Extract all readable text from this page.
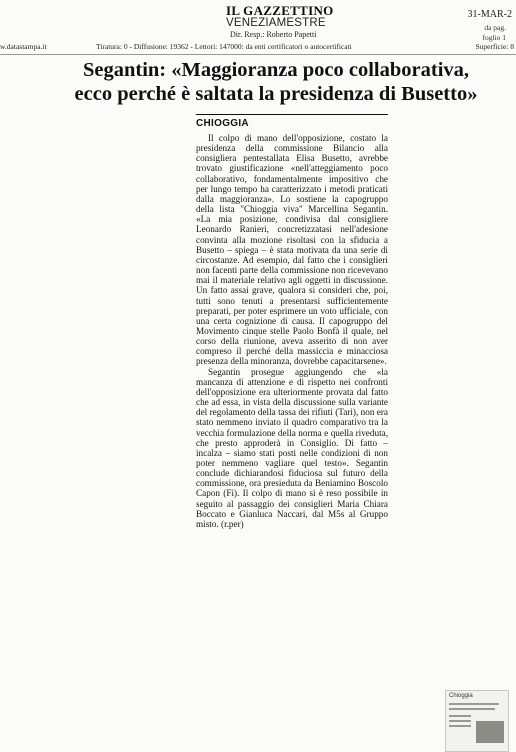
IL GAZZETTINO
VENEZIAMESTRE
Dir. Resp.: Roberto Papetti
31-MAR-2
da pag.
foglio 1
w.datastampa.it	Tiratura: 0 - Diffusione: 19362 - Lettori: 147000: da enti certificatori o autocertificati	Superficie: 8
Segantin: «Maggioranza poco collaborativa,
ecco perché è saltata la presidenza di Busetto»
CHIOGGIA

Il colpo di mano dell'opposizione, costato la presidenza della commissione Bilancio alla consigliera pentestallata Elisa Busetto, avrebbe trovato giustificazione «nell'atteggiamento poco collaborativo, fondamentalmente impositivo che per lungo tempo ha caratterizzato i metodi praticati dalla maggioranza». Lo sostiene la capogruppo della lista "Chioggia viva" Marcellina Segantin. «La mia posizione, condivisa dal consigliere Leonardo Ranieri, concretizzatasi nell'adesione convinta alla mozione risoltasi con la sfiducia a Busetto – spiega – è stata motivata da una serie di circostanze. Ad esempio, dal fatto che i consiglieri non facenti parte della commissione non ricevevano mai il materiale relativo agli oggetti in discussione. Un fatto assai grave, qualora si consideri che, poi, tutti sono tenuti a presentarsi sufficientemente preparati, per poter esprimere un voto ufficiale, con una certa cognizione di causa. Il capogruppo del Movimento cinque stelle Paolo Bonfà il quale, nel corso della riunione, aveva asserito di non aver compreso il perché della massiccia e minacciosa presenza della minoranza, dovrebbe capacitarsene».

Segantin prosegue aggiungendo che «la mancanza di attenzione e di rispetto nei confronti dell'opposizione era ulteriormente provata dal fatto che ad essa, in vista della discussione sulla variante del regolamento della tassa dei rifiuti (Tari), non era stato nemmeno inviato il quadro comparativo tra la vecchia formulazione della norma e quella riveduta, che presto approderà in Consiglio. Di fatto – incalza – siamo stati posti nelle condizioni di non poter nemmeno vagliare quel testo». Segantin conclude dichiarandosi fiduciosa sul futuro della commissione, ora presieduta da Beniamino Boscolo Capon (Fi). Il colpo di mano si è reso possibile in seguito al passaggio dei consiglieri Maria Chiara Boccato e Gianluca Naccari, dal M5s al Gruppo misto. (r.per)

Chioggia
